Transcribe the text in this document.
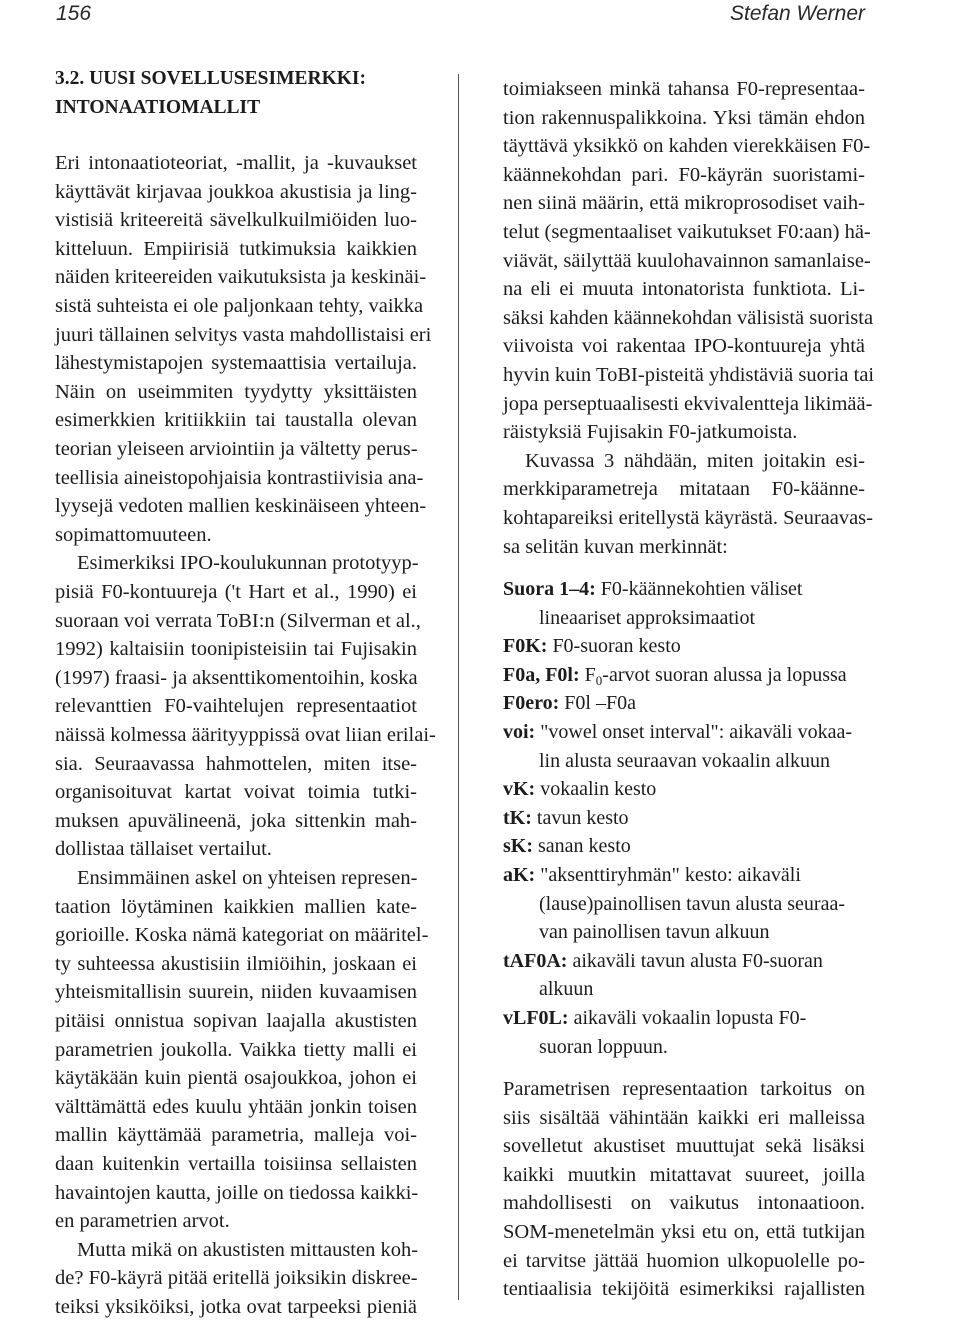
156	Stefan Werner
3.2. UUSI SOVELLUSESIMERKKI:
INTONAATIOMALLIT
Eri intonaatioteoriat, -mallit, ja -kuvaukset
käyttävät kirjavaa joukkoa akustisia ja ling-
vistisiä kriteereitä sävelkulkuilmiöiden luo-
kitteluun. Empiirisiä tutkimuksia kaikkien
näiden kriteereiden vaikutuksista ja keskinäi-
sistä suhteista ei ole paljonkaan tehty, vaikka
juuri tällainen selvitys vasta mahdollistaisi eri
lähestymistapojen systemaattisia vertailuja.
Näin on useimmiten tyydytty yksittäisten
esimerkkien kritiikkiin tai taustalla olevan
teorian yleiseen arviointiin ja vältetty perus-
teellisia aineistopohjaisia kontrastiivisia ana-
lyysejä vedoten mallien keskinäiseen yhteen-
sopimattomuuteen.
Esimerkiksi IPO-koulukunnan prototyyp-
pisiä F0-kontuureja ('t Hart et al., 1990) ei
suoraan voi verrata ToBI:n (Silverman et al.,
1992) kaltaisiin toonipisteisiin tai Fujisakin
(1997) fraasi- ja aksenttikomentoihin, koska
relevanttien F0-vaihtelujen representaatiot
näissä kolmessa äärityyppissä ovat liian erilai-
sia. Seuraavassa hahmottelen, miten itse-
organisoituvat kartat voivat toimia tutki-
muksen apuvälineenä, joka sittenkin mah-
dollistaa tällaiset vertailut.
Ensimmäinen askel on yhteisen represen-
taation löytäminen kaikkien mallien kate-
gorioille. Koska nämä kategoriat on määritel-
ty suhteessa akustisiin ilmiöihin, joskaan ei
yhteismitallisin suurein, niiden kuvaamisen
pitäisi onnistua sopivan laajalla akustisten
parametrien joukolla. Vaikka tietty malli ei
käytäkään kuin pientä osajoukkoa, johon ei
välttämättä edes kuulu yhtään jonkin toisen
mallin käyttämää parametria, malleja voi-
daan kuitenkin vertailla toisiinsa sellaisten
havaintojen kautta, joille on tiedossa kaikki-
en parametrien arvot.
Mutta mikä on akustisten mittausten koh-
de? F0-käyrä pitää eritellä joiksikin diskree-
teiksi yksiköiksi, jotka ovat tarpeeksi pieniä
toimiakseen minkä tahansa F0-representaa-
tion rakennuspalikkoina. Yksi tämän ehdon
täyttävä yksikkö on kahden vierekkäisen F0-
käännekohdan pari. F0-käyrän suoristami-
nen siinä määrin, että mikroprosodiset vaih-
telut (segmentaaliset vaikutukset F0:aan) hä-
viävät, säilyttää kuulohavainnon samanlaise-
na eli ei muuta intonatorista funktiota. Li-
säksi kahden käännekohdan välisistä suorista
viivoista voi rakentaa IPO-kontuureja yhtä
hyvin kuin ToBI-pisteitä yhdistäviä suoria tai
jopa perseptuaalisesti ekvivalentteja likimää-
räistyksiä Fujisakin F0-jatkumoista.
Kuvassa 3 nähdään, miten joitakin esi-
merkkiparametreja mitataan F0-käänne-
kohtapareiksi eritellystä käyrästä. Seuraavas-
sa selitän kuvan merkinnät:
Suora 1–4: F0-käännekohtien väliset
lineaariset approksimaatiot
F0K: F0-suoran kesto
F0a, F0l: $F_0$-arvot suoran alussa ja lopussa
F0ero: F0l –F0a
voi: "vowel onset interval": aikaväli vokaa-
lin alusta seuraavan vokaalin alkuun
vK: vokaalin kesto
tK: tavun kesto
sK: sanan kesto
aK: "aksenttiryhmän" kesto: aikaväli
(lause)painollisen tavun alusta seuraa-
van painollisen tavun alkuun
tAF0A: aikaväli tavun alusta F0-suoran
alkuun
vLF0L: aikaväli vokaalin lopusta F0-
suoran loppuun.
Parametrisen representaation tarkoitus on
siis sisältää vähintään kaikki eri malleissa
sovelletut akustiset muuttujat sekä lisäksi
kaikki muutkin mitattavat suureet, joilla
mahdollisesti on vaikutus intonaatioon.
SOM-menetelmän yksi etu on, että tutkijan
ei tarvitse jättää huomion ulkopuolelle po-
tentiaalisia tekijöitä esimerkiksi rajallisten
